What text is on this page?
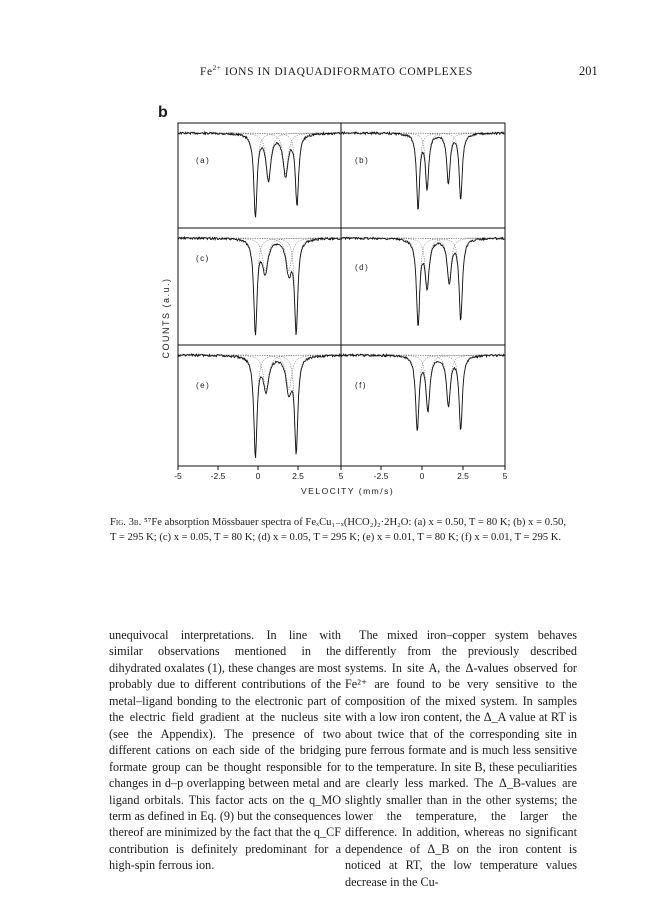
$Fe^{2+}$ IONS IN DIAQUADIFORMATO COMPLEXES	201
b
COUNTS (a.u.)
VELOCITY (mm/s)
-5	-2.5	0	2.5	5	-2.5	0	2.5	5
(a)	(b)
(c)
(d)
(e)	(f)
Fig. 3b. ⁵⁷Fe absorption Mössbauer spectra of FeₓCu₁₋ₓ(HCO₂)₂·2H₂O: (a) x = 0.50, T = 80 K; (b) x = 0.50, T = 295 K; (c) x = 0.05, T = 80 K; (d) x = 0.05, T = 295 K; (e) x = 0.01, T = 80 K; (f) x = 0.01, T = 295 K.
unequivocal interpretations. In line with similar observations mentioned in the dihydrated oxalates (1), these changes are most probably due to different contributions of the metal–ligand bonding to the electronic part of the electric field gradient at the nucleus site (see the Appendix). The presence of two different cations on each side of the bridging formate group can be thought responsible for changes in d–p overlapping between metal and ligand orbitals. This factor acts on the q_MO term as defined in Eq. (9) but the consequences thereof are minimized by the fact that the q_CF contribution is definitely predominant for a high-spin ferrous ion.
The mixed iron–copper system behaves differently from the previously described systems. In site A, the Δ-values observed for Fe²⁺ are found to be very sensitive to the composition of the mixed system. In samples with a low iron content, the Δ_A value at RT is about twice that of the corresponding site in pure ferrous formate and is much less sensitive to the temperature. In site B, these peculiarities are clearly less marked. The Δ_B-values are slightly smaller than in the other systems; the lower the temperature, the larger the difference. In addition, whereas no significant dependence of Δ_B on the iron content is noticed at RT, the low temperature values decrease in the Cu-
